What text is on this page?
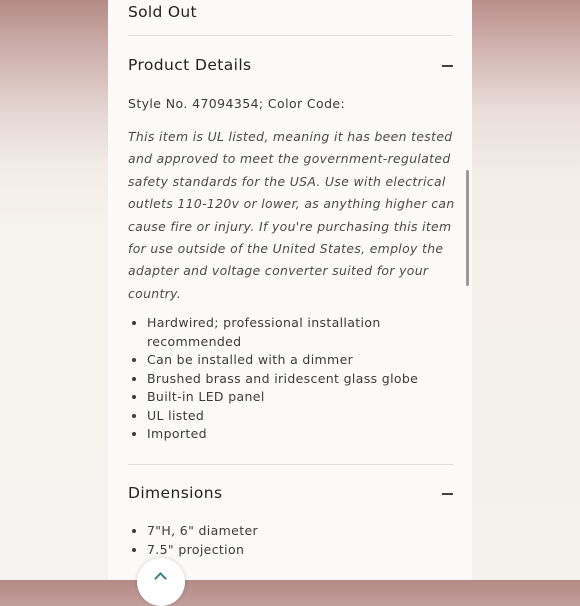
Sold Out
Product Details
Style No. 47094354; Color Code:

This item is UL listed, meaning it has been tested and approved to meet the government-regulated safety standards for the USA. Use with electrical outlets 110-120v or lower, as anything higher can cause fire or injury. If you're purchasing this item for use outside of the United States, employ the adapter and voltage converter suited for your country.

• Hardwired; professional installation recommended
• Can be installed with a dimmer
• Brushed brass and iridescent glass globe
• Built-in LED panel
• UL listed
• Imported
Dimensions
• 7"H, 6" diameter
• 7.5" projection
